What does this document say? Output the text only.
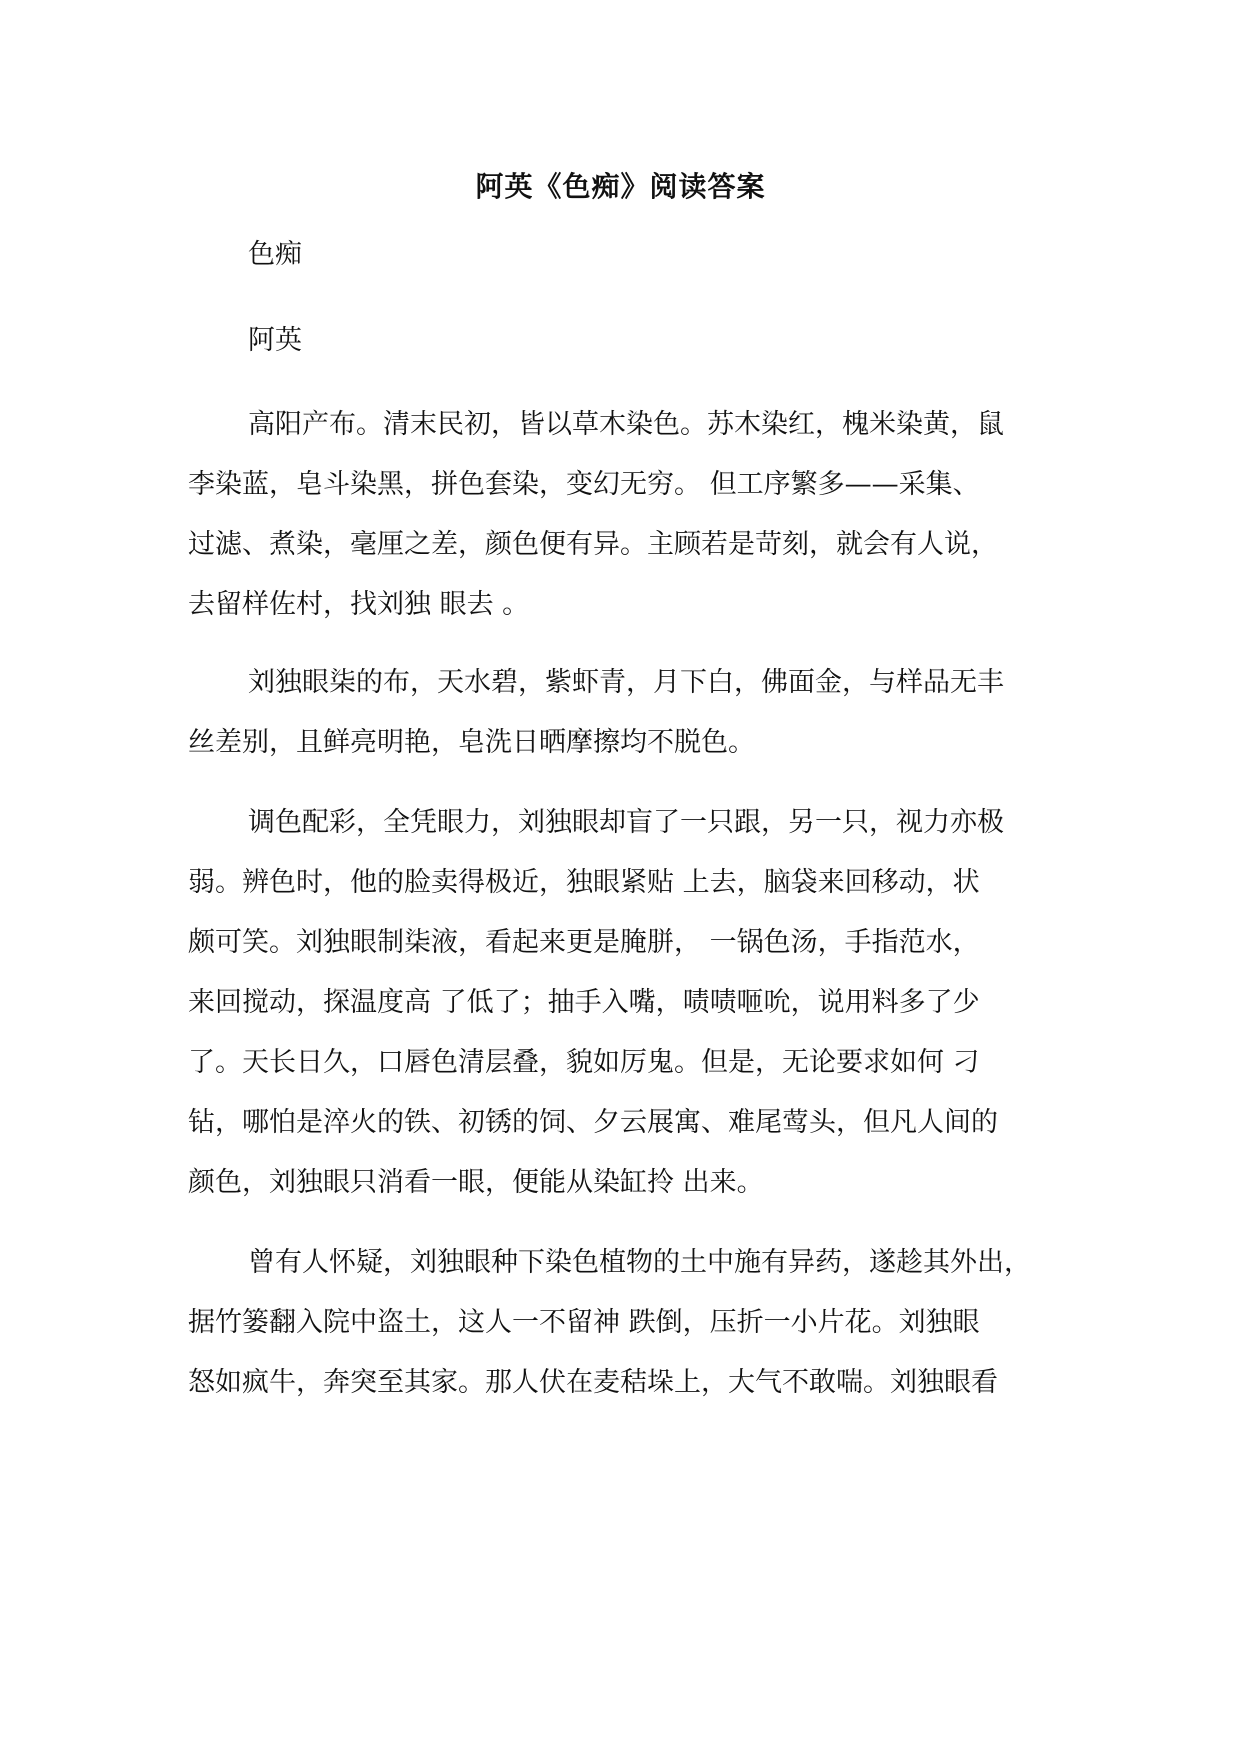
阿英《色痴》阅读答案
色痴
阿英
高阳产布。清末民初，皆以草木染色。苏木染红，槐米染黄，鼠
李染蓝，皂斗染黑，拼色套染，变幻无穷。 但工序繁多——采集、
过滤、煮染，毫厘之差，颜色便有异。主顾若是苛刻，就会有人说，
去留样佐村，找刘独 眼去 。
刘独眼柒的布，天水碧，紫虾青，月下白，佛面金，与样品无丰
丝差别，且鲜亮明艳，皂洗日晒摩擦均不脱色。
调色配彩，全凭眼力，刘独眼却盲了一只跟，另一只，视力亦极
弱。辨色时，他的脸卖得极近，独眼紧贴 上去，脑袋来回移动，状
颇可笑。刘独眼制柒液，看起来更是腌胼， 一锅色汤，手指范水，
来回搅动，探温度高 了低了；抽手入嘴，啧啧咂吮，说用料多了少
了。天长日久，口唇色清层叠，貌如厉鬼。但是，无论要求如何 刁
钻，哪怕是淬火的铁、初锈的饲、夕云展寓、难尾莺头，但凡人间的
颜色，刘独眼只消看一眼，便能从染缸拎 出来。
曾有人怀疑，刘独眼种下染色植物的土中施有异药，遂趁其外出，
据竹篓翻入院中盗土，这人一不留神 跌倒，压折一小片花。刘独眼
怒如疯牛，奔突至其家。那人伏在麦秸垛上，大气不敢喘。刘独眼看
